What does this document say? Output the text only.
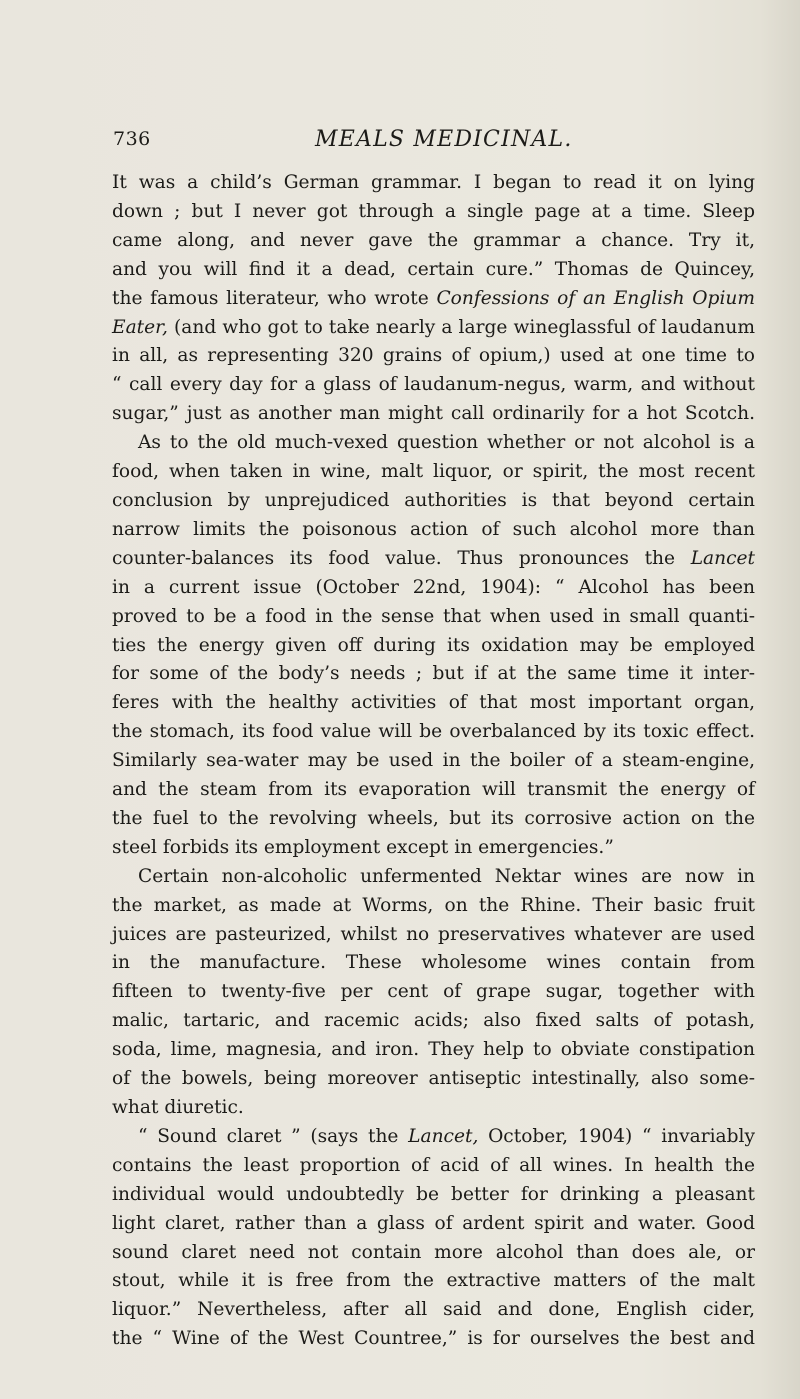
736	MEALS MEDICINAL.
It was a child’s German grammar. I began to read it on lying
down ; but I never got through a single page at a time. Sleep
came along, and never gave the grammar a chance. Try it,
and you will find it a dead, certain cure.” Thomas de Quincey,
the famous literateur, who wrote Confessions of an English Opium
Eater, (and who got to take nearly a large wineglassful of laudanum
in all, as representing 320 grains of opium,) used at one time to
“ call every day for a glass of laudanum-negus, warm, and without
sugar,” just as another man might call ordinarily for a hot Scotch.
As to the old much-vexed question whether or not alcohol is a
food, when taken in wine, malt liquor, or spirit, the most recent
conclusion by unprejudiced authorities is that beyond certain
narrow limits the poisonous action of such alcohol more than
counter-balances its food value. Thus pronounces the Lancet
in a current issue (October 22nd, 1904): “ Alcohol has been
proved to be a food in the sense that when used in small quanti-
ties the energy given off during its oxidation may be employed
for some of the body’s needs ; but if at the same time it inter-
feres with the healthy activities of that most important organ,
the stomach, its food value will be overbalanced by its toxic effect.
Similarly sea-water may be used in the boiler of a steam-engine,
and the steam from its evaporation will transmit the energy of
the fuel to the revolving wheels, but its corrosive action on the
steel forbids its employment except in emergencies.”
Certain non-alcoholic unfermented Nektar wines are now in
the market, as made at Worms, on the Rhine. Their basic fruit
juices are pasteurized, whilst no preservatives whatever are used
in the manufacture. These wholesome wines contain from
fifteen to twenty-five per cent of grape sugar, together with
malic, tartaric, and racemic acids; also fixed salts of potash,
soda, lime, magnesia, and iron. They help to obviate constipation
of the bowels, being moreover antiseptic intestinally, also some-
what diuretic.
“ Sound claret ” (says the Lancet, October, 1904) “ invariably
contains the least proportion of acid of all wines. In health the
individual would undoubtedly be better for drinking a pleasant
light claret, rather than a glass of ardent spirit and water. Good
sound claret need not contain more alcohol than does ale, or
stout, while it is free from the extractive matters of the malt
liquor.” Nevertheless, after all said and done, English cider,
the “ Wine of the West Countree,” is for ourselves the best and
